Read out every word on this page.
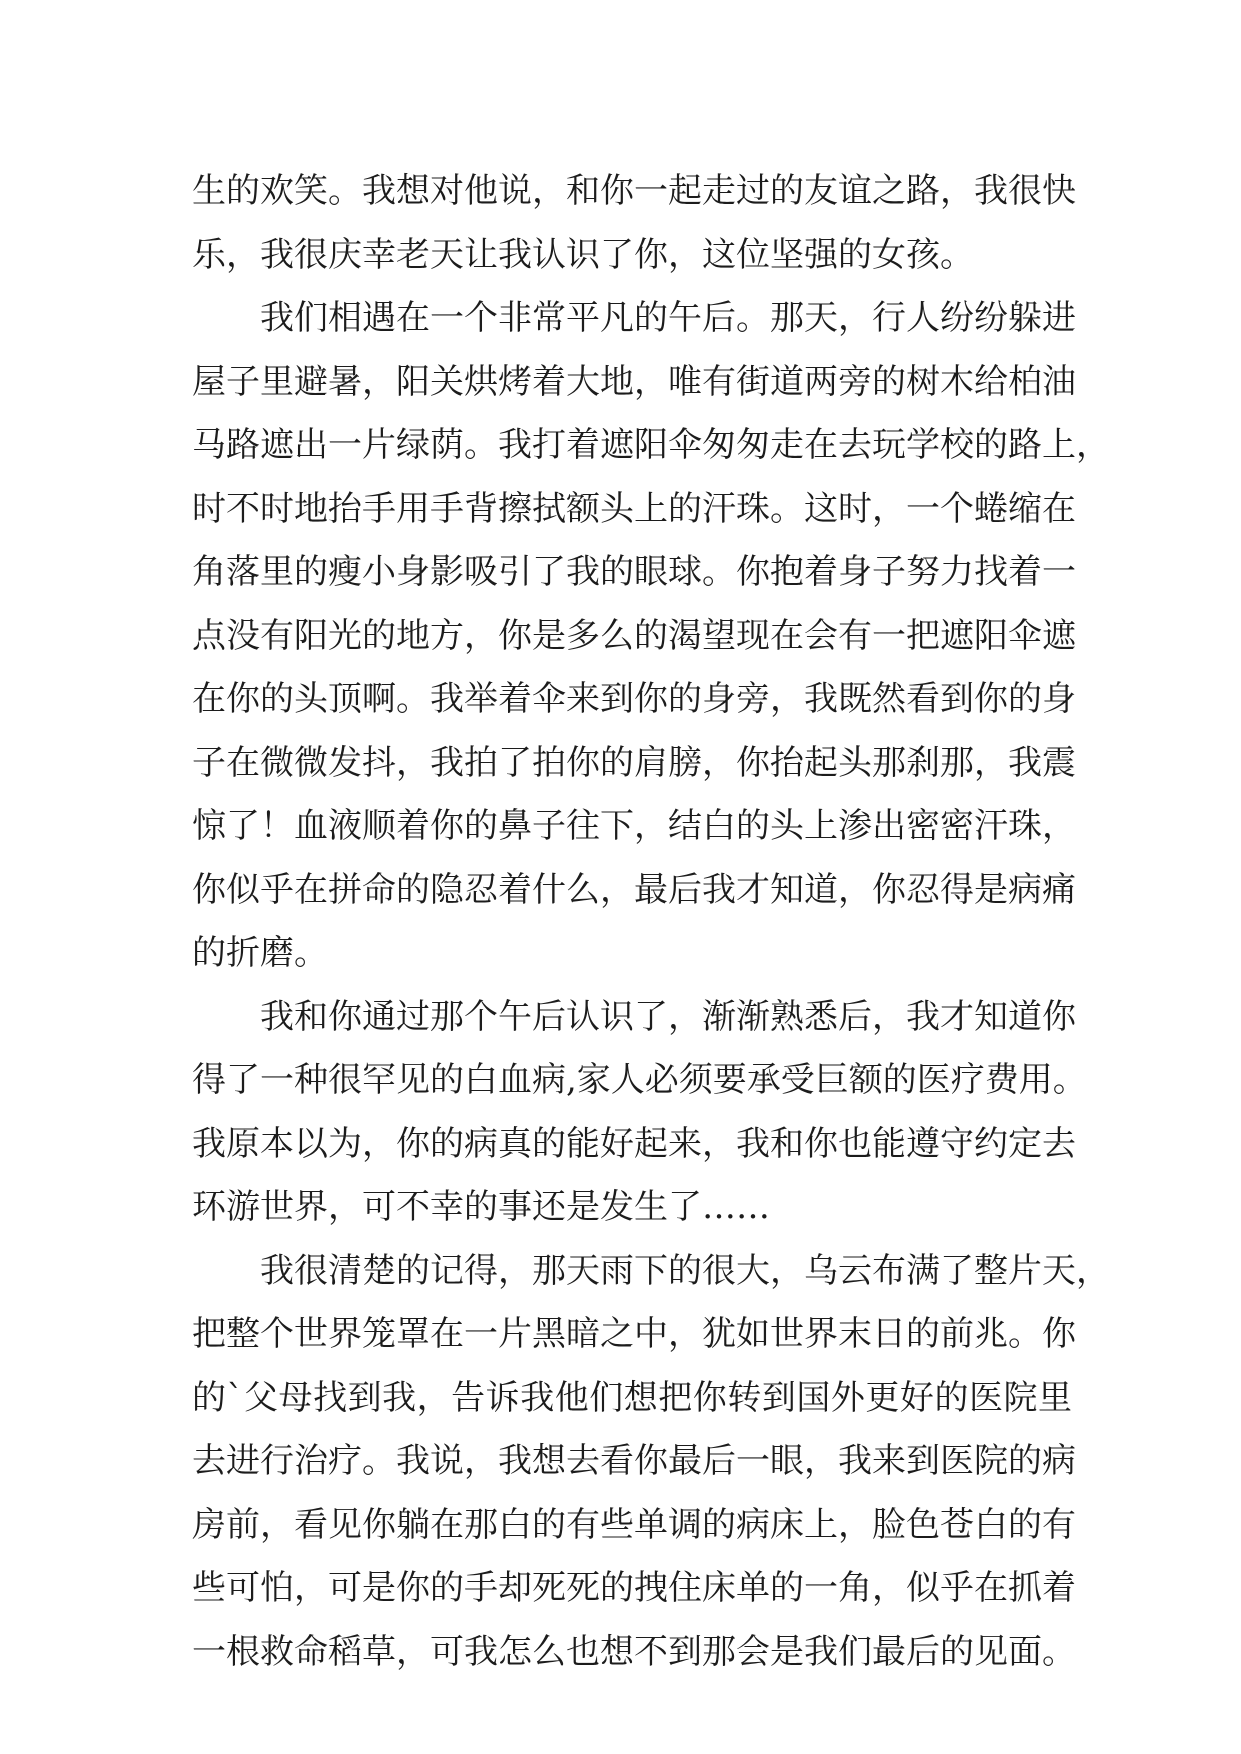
生的欢笑。我想对他说，和你一起走过的友谊之路，我很快
乐，我很庆幸老天让我认识了你，这位坚强的女孩。
我们相遇在一个非常平凡的午后。那天，行人纷纷躲进
屋子里避暑，阳关烘烤着大地，唯有街道两旁的树木给柏油
马路遮出一片绿荫。我打着遮阳伞匆匆走在去玩学校的路上，
时不时地抬手用手背擦拭额头上的汗珠。这时，一个蜷缩在
角落里的瘦小身影吸引了我的眼球。你抱着身子努力找着一
点没有阳光的地方，你是多么的渴望现在会有一把遮阳伞遮
在你的头顶啊。我举着伞来到你的身旁，我既然看到你的身
子在微微发抖，我拍了拍你的肩膀，你抬起头那刹那，我震
惊了！血液顺着你的鼻子往下，结白的头上渗出密密汗珠，
你似乎在拼命的隐忍着什么，最后我才知道，你忍得是病痛
的折磨。
我和你通过那个午后认识了，渐渐熟悉后，我才知道你
得了一种很罕见的白血病,家人必须要承受巨额的医疗费用。
我原本以为，你的病真的能好起来，我和你也能遵守约定去
环游世界，可不幸的事还是发生了……
我很清楚的记得，那天雨下的很大，乌云布满了整片天，
把整个世界笼罩在一片黑暗之中，犹如世界末日的前兆。你
的`父母找到我，告诉我他们想把你转到国外更好的医院里
去进行治疗。我说，我想去看你最后一眼，我来到医院的病
房前，看见你躺在那白的有些单调的病床上，脸色苍白的有
些可怕，可是你的手却死死的拽住床单的一角，似乎在抓着
一根救命稻草，可我怎么也想不到那会是我们最后的见面。
